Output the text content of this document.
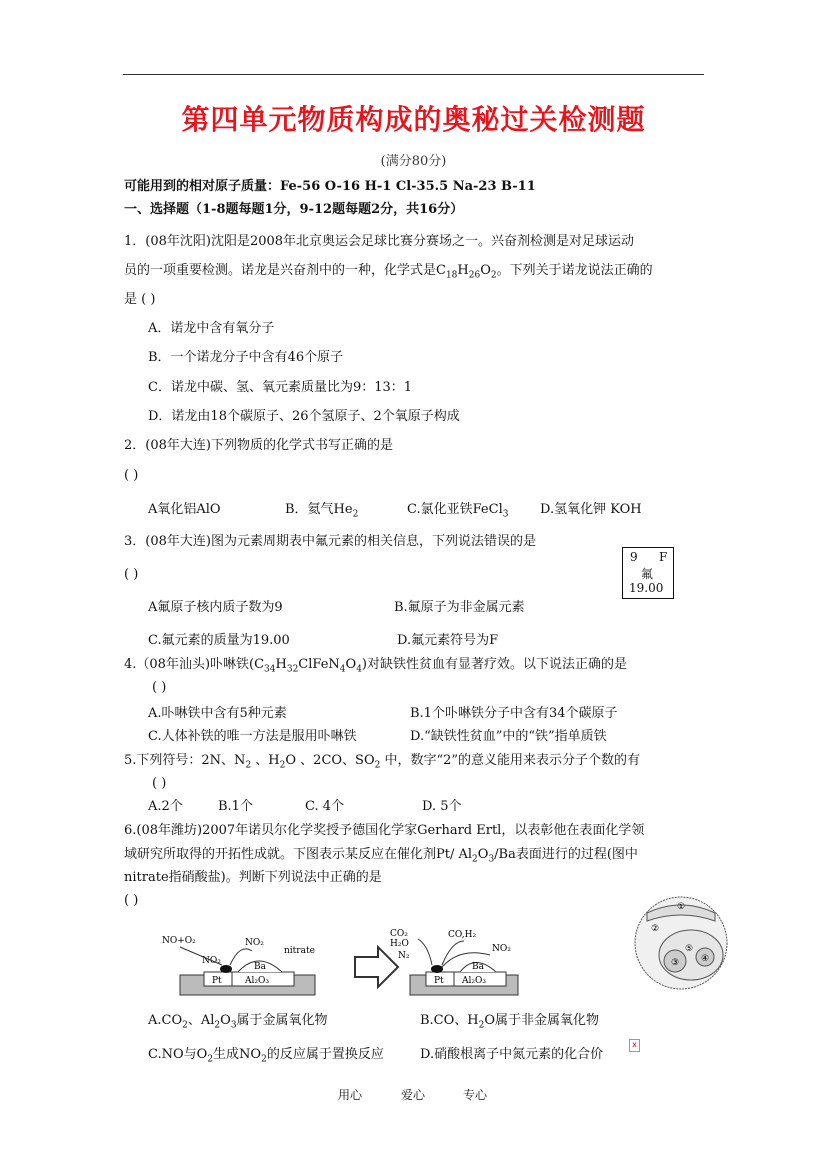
第四单元物质构成的奥秘过关检测题
(满分80分)
可能用到的相对原子质量：Fe-56 O-16 H-1 Cl-35.5 Na-23 B-11
一、选择题（1-8题每题1分，9-12题每题2分，共16分）
1．(08年沈阳)沈阳是2008年北京奥运会足球比赛分赛场之一。兴奋剂检测是对足球运动
员的一项重要检测。诺龙是兴奋剂中的一种，化学式是$C_{18}H_{26}O_2$。下列关于诺龙说法正确的
是 ( )
A．诺龙中含有氧分子
B．一个诺龙分子中含有46个原子
C．诺龙中碳、氢、氧元素质量比为9：13：1
D．诺龙由18个碳原子、26个氢原子、2个氧原子构成
2．(08年大连)下列物质的化学式书写正确的是
( )
A氧化铝AlO	B．氦气$He_2$	C.氯化亚铁FeCl$_3$ D.氢氧化钾 KOH
3．(08年大连)图为元素周期表中氟元素的相关信息，下列说法错误的是
( )
9 F
氟
19.00
A氟原子核内质子数为9	B.氟原子为非金属元素
C.氟元素的质量为19.00	D.氟元素符号为F
4.（08年汕头)卟啉铁$(C_{34}H_{32}ClFeN_4O_4)$对缺铁性贫血有显著疗效。以下说法正确的是
( )
A.卟啉铁中含有5种元素	B.1个卟啉铁分子中含有34个碳原子
C.人体补铁的唯一方法是服用卟啉铁	D.“缺铁性贫血”中的“铁”指单质铁
5.下列符号：2N、$N_2$ 、$H_2O$ 、2CO、$SO_2$ 中，数字“2”的意义能用来表示分子个数的有
( )
A.2个	B.1个	C. 4个	D. 5个
6.(08年潍坊)2007年诺贝尔化学奖授予德国化学家Gerhard Ertl，以表彰他在表面化学领
域研究所取得的开拓性成就。下图表示某反应在催化剂Pt/ $Al_2O_3/Ba$表面进行的过程(图中
nitrate指硝酸盐)。判断下列说法中正确的是
( )
Pt	Al₂O₃
Ba
NO+O₂
NO₂
NO₂
nitrate
Pt Al₂O₃
Ba
CO₂
H₂O
N₂
CO,H₂
NO₂
①
②
③ ④
⑤
$A.CO_2$、$Al_2O_3$属于金属氧化物	B.CO、$H_2O$属于非金属氧化物
C.NO与$O_2$生成$NO_2$的反应属于置换反应	D.硝酸根离子中氮元素的化合价
x
用心	爱心	专心
